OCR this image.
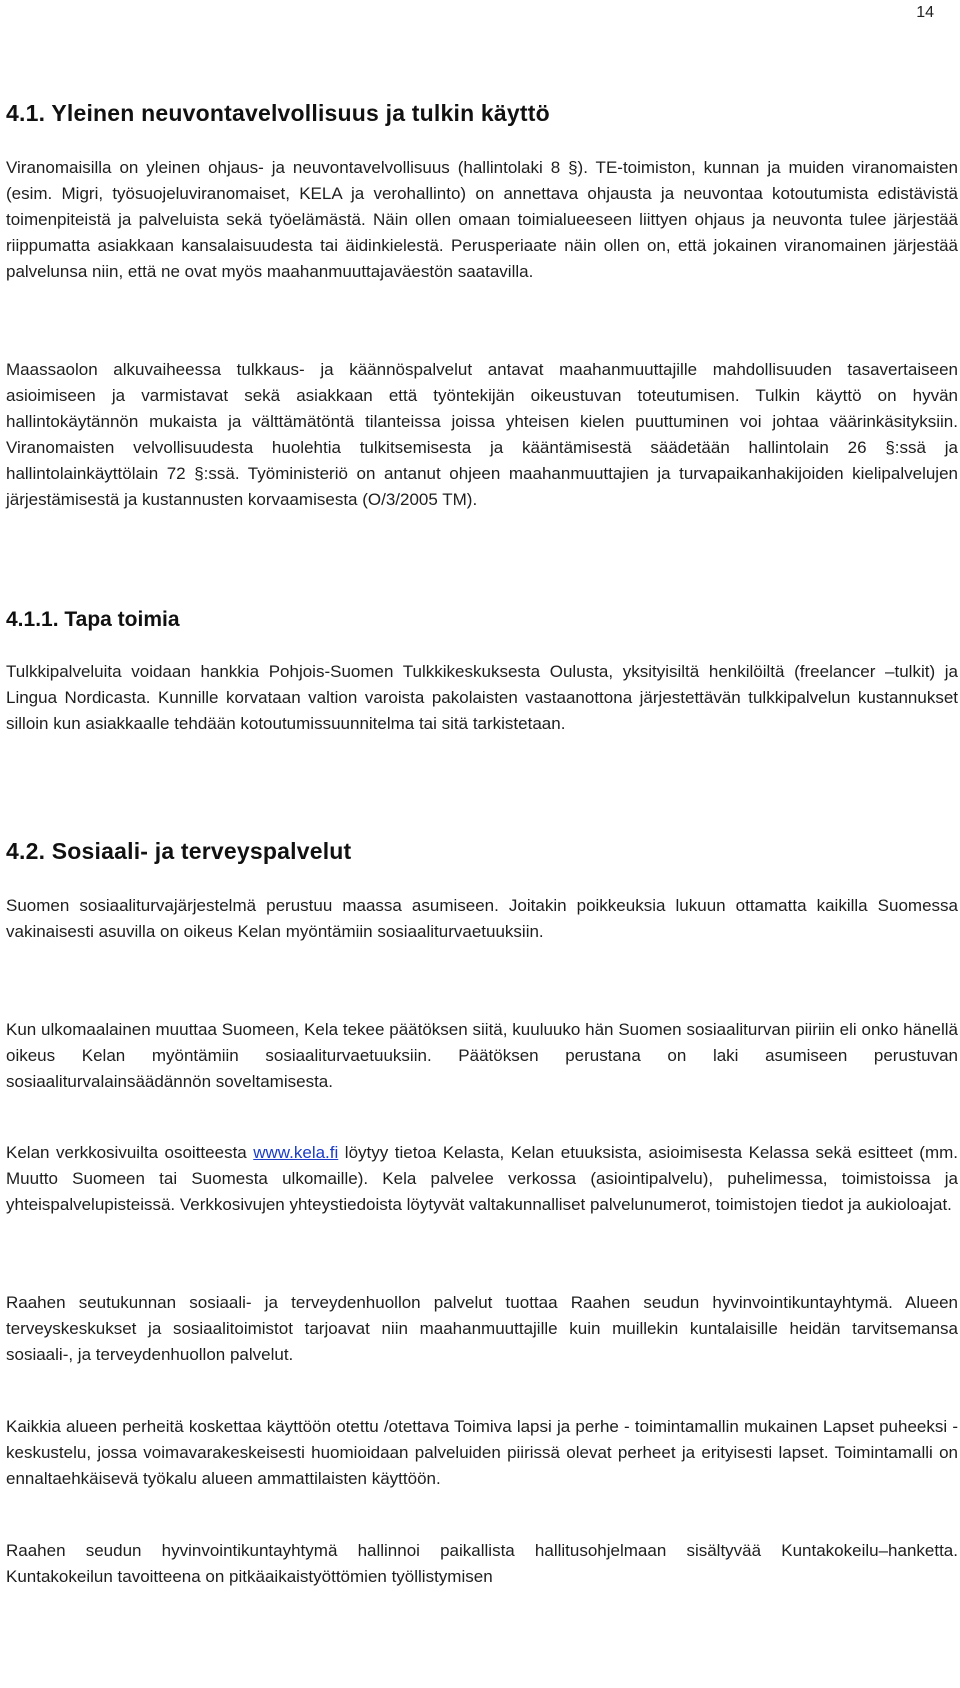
14
4.1. Yleinen neuvontavelvollisuus ja tulkin käyttö

Viranomaisilla on yleinen ohjaus- ja neuvontavelvollisuus (hallintolaki 8 §). TE-toimiston, kunnan ja muiden viranomaisten (esim. Migri, työsuojeluviranomaiset, KELA ja verohallinto) on annettava ohjausta ja neuvontaa kotoutumista edistävistä toimenpiteistä ja palveluista sekä työelämästä. Näin ollen omaan toimialueeseen liittyen ohjaus ja neuvonta tulee järjestää riippumatta asiakkaan kansalaisuudesta tai äidinkielestä. Perusperiaate näin ollen on, että jokainen viranomainen järjestää palvelunsa niin, että ne ovat myös maahanmuuttajaväestön saatavilla.

Maassaolon alkuvaiheessa tulkkaus- ja käännöspalvelut antavat maahanmuuttajille mahdollisuuden tasavertaiseen asioimiseen ja varmistavat sekä asiakkaan että työntekijän oikeustuvan toteutumisen. Tulkin käyttö on hyvän hallintokäytännön mukaista ja välttämätöntä tilanteissa joissa yhteisen kielen puuttuminen voi johtaa väärinkäsityksiin. Viranomaisten velvollisuudesta huolehtia tulkitsemisesta ja kääntämisestä säädetään hallintolain 26 §:ssä ja hallintolainkäyttölain 72 §:ssä. Työministeriö on antanut ohjeen maahanmuuttajien ja turvapaikanhakijoiden kielipalvelujen järjestämisestä ja kustannusten korvaamisesta (O/3/2005 TM).

4.1.1. Tapa toimia

Tulkkipalveluita voidaan hankkia Pohjois-Suomen Tulkkikeskuksesta Oulusta, yksityisiltä henkilöiltä (freelancer –tulkit) ja Lingua Nordicasta. Kunnille korvataan valtion varoista pakolaisten vastaanottona järjestettävän tulkkipalvelun kustannukset silloin kun asiakkaalle tehdään kotoutumissuunnitelma tai sitä tarkistetaan.

4.2. Sosiaali- ja terveyspalvelut

Suomen sosiaaliturvajärjestelmä perustuu maassa asumiseen. Joitakin poikkeuksia lukuun ottamatta kaikilla Suomessa vakinaisesti asuvilla on oikeus Kelan myöntämiin sosiaaliturvaetuuksiin.

Kun ulkomaalainen muuttaa Suomeen, Kela tekee päätöksen siitä, kuuluuko hän Suomen sosiaaliturvan piiriin eli onko hänellä oikeus Kelan myöntämiin sosiaaliturvaetuuksiin. Päätöksen perustana on laki asumiseen perustuvan sosiaaliturvalainsäädännön soveltamisesta.

Kelan verkkosivuilta osoitteesta www.kela.fi löytyy tietoa Kelasta, Kelan etuuksista, asioimisesta Kelassa sekä esitteet (mm. Muutto Suomeen tai Suomesta ulkomaille). Kela palvelee verkossa (asiointipalvelu), puhelimessa, toimistoissa ja yhteispalvelupisteissä. Verkkosivujen yhteystiedoista löytyvät valtakunnalliset palvelunumerot, toimistojen tiedot ja aukioloajat.

Raahen seutukunnan sosiaali- ja terveydenhuollon palvelut tuottaa Raahen seudun hyvinvointikuntayhtymä. Alueen terveyskeskukset ja sosiaalitoimistot tarjoavat niin maahanmuuttajille kuin muillekin kuntalaisille heidän tarvitsemansa sosiaali-, ja terveydenhuollon palvelut.

Kaikkia alueen perheitä koskettaa käyttöön otettu /otettava Toimiva lapsi ja perhe - toimintamallin mukainen Lapset puheeksi -keskustelu, jossa voimavarakeskeisesti huomioidaan palveluiden piirissä olevat perheet ja erityisesti lapset. Toimintamalli on ennaltaehkäisevä työkalu alueen ammattilaisten käyttöön.

Raahen seudun hyvinvointikuntayhtymä hallinnoi paikallista hallitusohjelmaan sisältyvää Kuntakokeilu–hanketta. Kuntakokeilun tavoitteena on pitkäaikaistyöttömien työllistymisen
